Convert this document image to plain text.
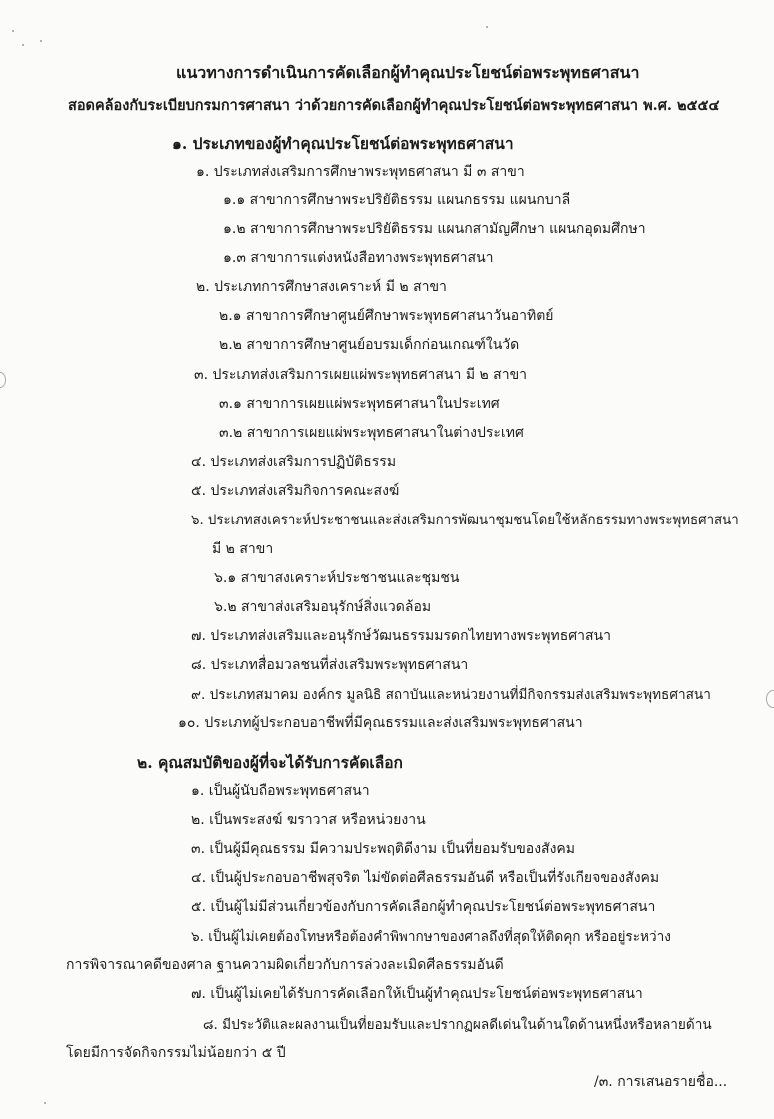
แนวทางการดำเนินการคัดเลือกผู้ทำคุณประโยชน์ต่อพระพุทธศาสนา
สอดคล้องกับระเบียบกรมการศาสนา ว่าด้วยการคัดเลือกผู้ทำคุณประโยชน์ต่อพระพุทธศาสนา พ.ศ. ๒๕๕๔
๑. ประเภทของผู้ทำคุณประโยชน์ต่อพระพุทธศาสนา
๑. ประเภทส่งเสริมการศึกษาพระพุทธศาสนา มี ๓ สาขา
๑.๑ สาขาการศึกษาพระปริยัติธรรม แผนกธรรม แผนกบาลี
๑.๒ สาขาการศึกษาพระปริยัติธรรม แผนกสามัญศึกษา แผนกอุดมศึกษา
๑.๓ สาขาการแต่งหนังสือทางพระพุทธศาสนา
๒. ประเภทการศึกษาสงเคราะห์ มี ๒ สาขา
๒.๑ สาขาการศึกษาศูนย์ศึกษาพระพุทธศาสนาวันอาทิตย์
๒.๒ สาขาการศึกษาศูนย์อบรมเด็กก่อนเกณฑ์ในวัด
๓. ประเภทส่งเสริมการเผยแผ่พระพุทธศาสนา มี ๒ สาขา
๓.๑ สาขาการเผยแผ่พระพุทธศาสนาในประเทศ
๓.๒ สาขาการเผยแผ่พระพุทธศาสนาในต่างประเทศ
๔. ประเภทส่งเสริมการปฏิบัติธรรม
๕. ประเภทส่งเสริมกิจการคณะสงฆ์
๖. ประเภทสงเคราะห์ประชาชนและส่งเสริมการพัฒนาชุมชนโดยใช้หลักธรรมทางพระพุทธศาสนา
มี ๒ สาขา
๖.๑ สาขาสงเคราะห์ประชาชนและชุมชน
๖.๒ สาขาส่งเสริมอนุรักษ์สิ่งแวดล้อม
๗. ประเภทส่งเสริมและอนุรักษ์วัฒนธรรมมรดกไทยทางพระพุทธศาสนา
๘. ประเภทสื่อมวลชนที่ส่งเสริมพระพุทธศาสนา
๙. ประเภทสมาคม องค์กร มูลนิธิ สถาบันและหน่วยงานที่มีกิจกรรมส่งเสริมพระพุทธศาสนา
๑๐. ประเภทผู้ประกอบอาชีพที่มีคุณธรรมและส่งเสริมพระพุทธศาสนา
๒. คุณสมบัติของผู้ที่จะได้รับการคัดเลือก
๑. เป็นผู้นับถือพระพุทธศาสนา
๒. เป็นพระสงฆ์ ฆราวาส หรือหน่วยงาน
๓. เป็นผู้มีคุณธรรม มีความประพฤติดีงาม เป็นที่ยอมรับของสังคม
๔. เป็นผู้ประกอบอาชีพสุจริต ไม่ขัดต่อศีลธรรมอันดี หรือเป็นที่รังเกียจของสังคม
๕. เป็นผู้ไม่มีส่วนเกี่ยวข้องกับการคัดเลือกผู้ทำคุณประโยชน์ต่อพระพุทธศาสนา
๖. เป็นผู้ไม่เคยต้องโทษหรือต้องคำพิพากษาของศาลถึงที่สุดให้ติดคุก หรืออยู่ระหว่าง
การพิจารณาคดีของศาล ฐานความผิดเกี่ยวกับการล่วงละเมิดศีลธรรมอันดี
๗. เป็นผู้ไม่เคยได้รับการคัดเลือกให้เป็นผู้ทำคุณประโยชน์ต่อพระพุทธศาสนา
๘. มีประวัติและผลงานเป็นที่ยอมรับและปรากฏผลดีเด่นในด้านใดด้านหนึ่งหรือหลายด้าน
โดยมีการจัดกิจกรรมไม่น้อยกว่า ๕ ปี
/๓. การเสนอรายชื่อ...
